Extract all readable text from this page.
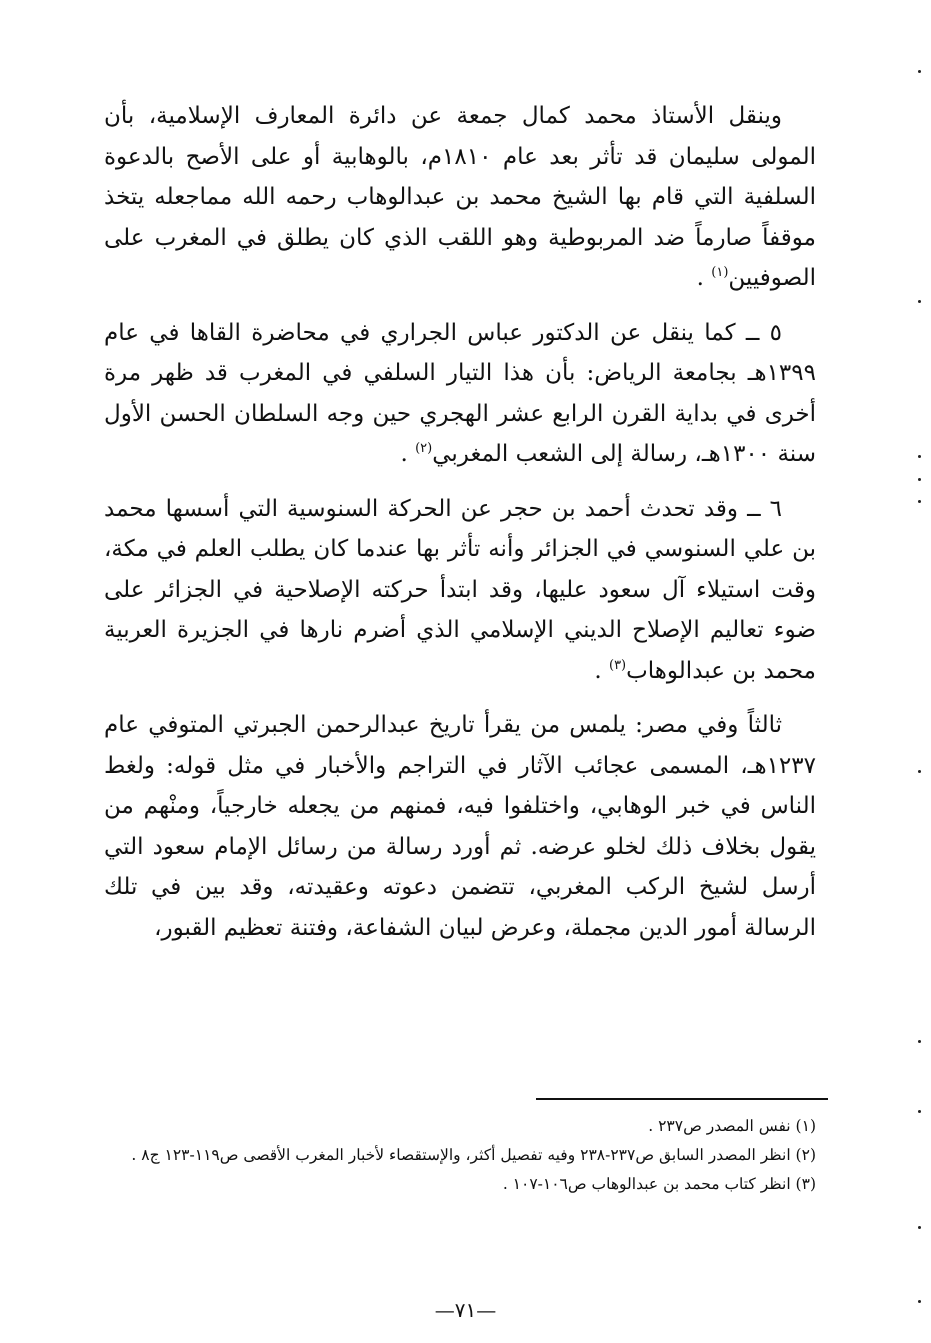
وينقل الأستاذ محمد كمال جمعة عن دائرة المعارف الإسلامية، بأن المولى سليمان قد تأثر بعد عام ١٨١٠م، بالوهابية أو على الأصح بالدعوة السلفية التي قام بها الشيخ محمد بن عبدالوهاب رحمه الله مماجعله يتخذ موقفاً صارماً ضد المربوطية وهو اللقب الذي كان يطلق في المغرب على الصوفيين$^{(١)}$ .

٥ ــ كما ينقل عن الدكتور عباس الجراري في محاضرة القاها في عام ١٣٩٩هـ بجامعة الرياض: بأن هذا التيار السلفي في المغرب قد ظهر مرة أخرى في بداية القرن الرابع عشر الهجري حين وجه السلطان الحسن الأول سنة ١٣٠٠هـ، رسالة إلى الشعب المغربي$^{(٢)}$ .

٦ ــ وقد تحدث أحمد بن حجر عن الحركة السنوسية التي أسسها محمد بن علي السنوسي في الجزائر وأنه تأثر بها عندما كان يطلب العلم في مكة، وقت استيلاء آل سعود عليها، وقد ابتدأ حركته الإصلاحية في الجزائر على ضوء تعاليم الإصلاح الديني الإسلامي الذي أضرم نارها في الجزيرة العربية محمد بن عبدالوهاب$^{(٣)}$ .

ثالثاً وفي مصر: يلمس من يقرأ تاريخ عبدالرحمن الجبرتي المتوفي عام ١٢٣٧هـ، المسمى عجائب الآثار في التراجم والأخبار في مثل قوله: ولغط الناس في خبر الوهابي، واختلفوا فيه، فمنهم من يجعله خارجياً، ومنْهم من يقول بخلاف ذلك لخلو عرضه. ثم أورد رسالة من رسائل الإمام سعود التي أرسل لشيخ الركب المغربي، تتضمن دعوته وعقيدته، وقد بين في تلك الرسالة أمور الدين مجملة، وعرض لبيان الشفاعة، وفتنة تعظيم القبور،

(١) نفس المصدر ص٢٣٧ .

(٢) انظر المصدر السابق ص٢٣٧-٢٣٨ وفيه تفصيل أكثر، والإستقصاء لأخبار المغرب الأقصى ص١١٩-١٢٣ ج٨ .

(٣) انظر كتاب محمد بن عبدالوهاب ص١٠٦-١٠٧ .

—٧١—
